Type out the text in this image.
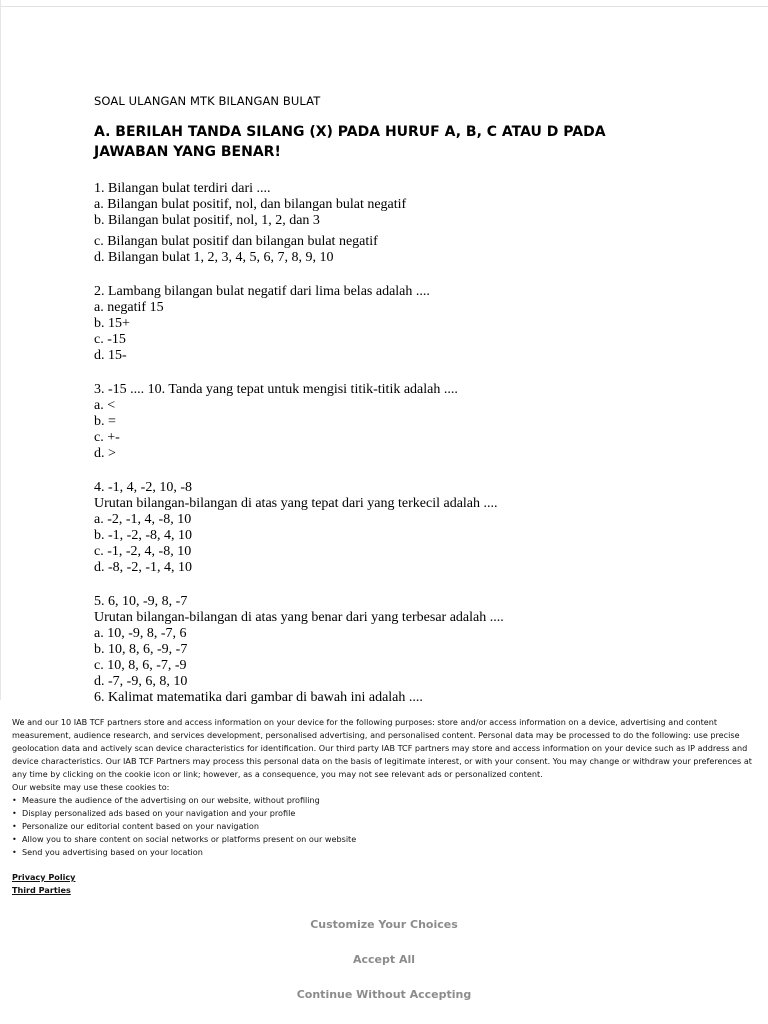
SOAL ULANGAN MTK BILANGAN BULAT

A. BERILAH TANDA SILANG (X) PADA HURUF A, B, C ATAU D PADA JAWABAN YANG BENAR!

1. Bilangan bulat terdiri dari ....
a. Bilangan bulat positif, nol, dan bilangan bulat negatif
b. Bilangan bulat positif, nol, 1, 2, dan 3
c. Bilangan bulat positif dan bilangan bulat negatif
d. Bilangan bulat 1, 2, 3, 4, 5, 6, 7, 8, 9, 10
2. Lambang bilangan bulat negatif dari lima belas adalah ....
a. negatif 15
b. 15+
c. -15
d. 15-
3. -15 .... 10. Tanda yang tepat untuk mengisi titik-titik adalah ....
a. <
b. =
c. +-
d. >
4. -1, 4, -2, 10, -8
Urutan bilangan-bilangan di atas yang tepat dari yang terkecil adalah ....
a. -2, -1, 4, -8, 10
b. -1, -2, -8, 4, 10
c. -1, -2, 4, -8, 10
d. -8, -2, -1, 4, 10
5. 6, 10, -9, 8, -7
Urutan bilangan-bilangan di atas yang benar dari yang terbesar adalah ....
a. 10, -9, 8, -7, 6
b. 10, 8, 6, -9, -7
c. 10, 8, 6, -7, -9
d. -7, -9, 6, 8, 10
6. Kalimat matematika dari gambar di bawah ini adalah ....

We and our 10 IAB TCF partners store and access information on your device for the following purposes: store and/or access information on a device, advertising and content measurement, audience research, and services development, personalised advertising, and personalised content. Personal data may be processed to do the following: use precise geolocation data and actively scan device characteristics for identification. Our third party IAB TCF partners may store and access information on your device such as IP address and device characteristics. Our IAB TCF Partners may process this personal data on the basis of legitimate interest, or with your consent. You may change or withdraw your preferences at any time by clicking on the cookie icon or link; however, as a consequence, you may not see relevant ads or personalized content.

Our website may use these cookies to:

• Measure the audience of the advertising on our website, without profiling
• Display personalized ads based on your navigation and your profile
• Personalize our editorial content based on your navigation
• Allow you to share content on social networks or platforms present on our website
• Send you advertising based on your location
Privacy Policy
Third Parties
Customize Your Choices
Accept All
Continue Without Accepting
